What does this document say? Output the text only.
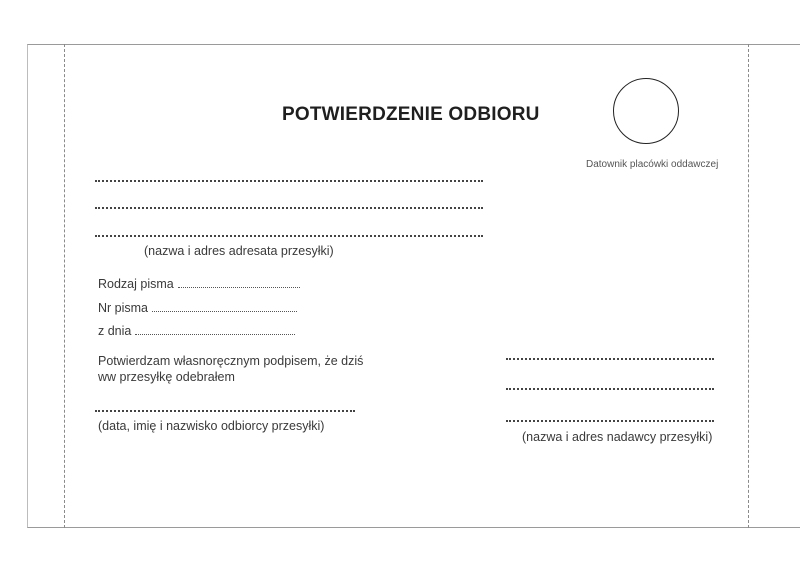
POTWIERDZENIE ODBIORU
Datownik placówki oddawczej
(nazwa i adres adresata przesyłki)
Rodzaj pisma
Nr pisma
z dnia
Potwierdzam własnoręcznym podpisem, że dziś
ww przesyłkę odebrałem
(data, imię i nazwisko odbiorcy przesyłki)
(nazwa i adres nadawcy przesyłki)
